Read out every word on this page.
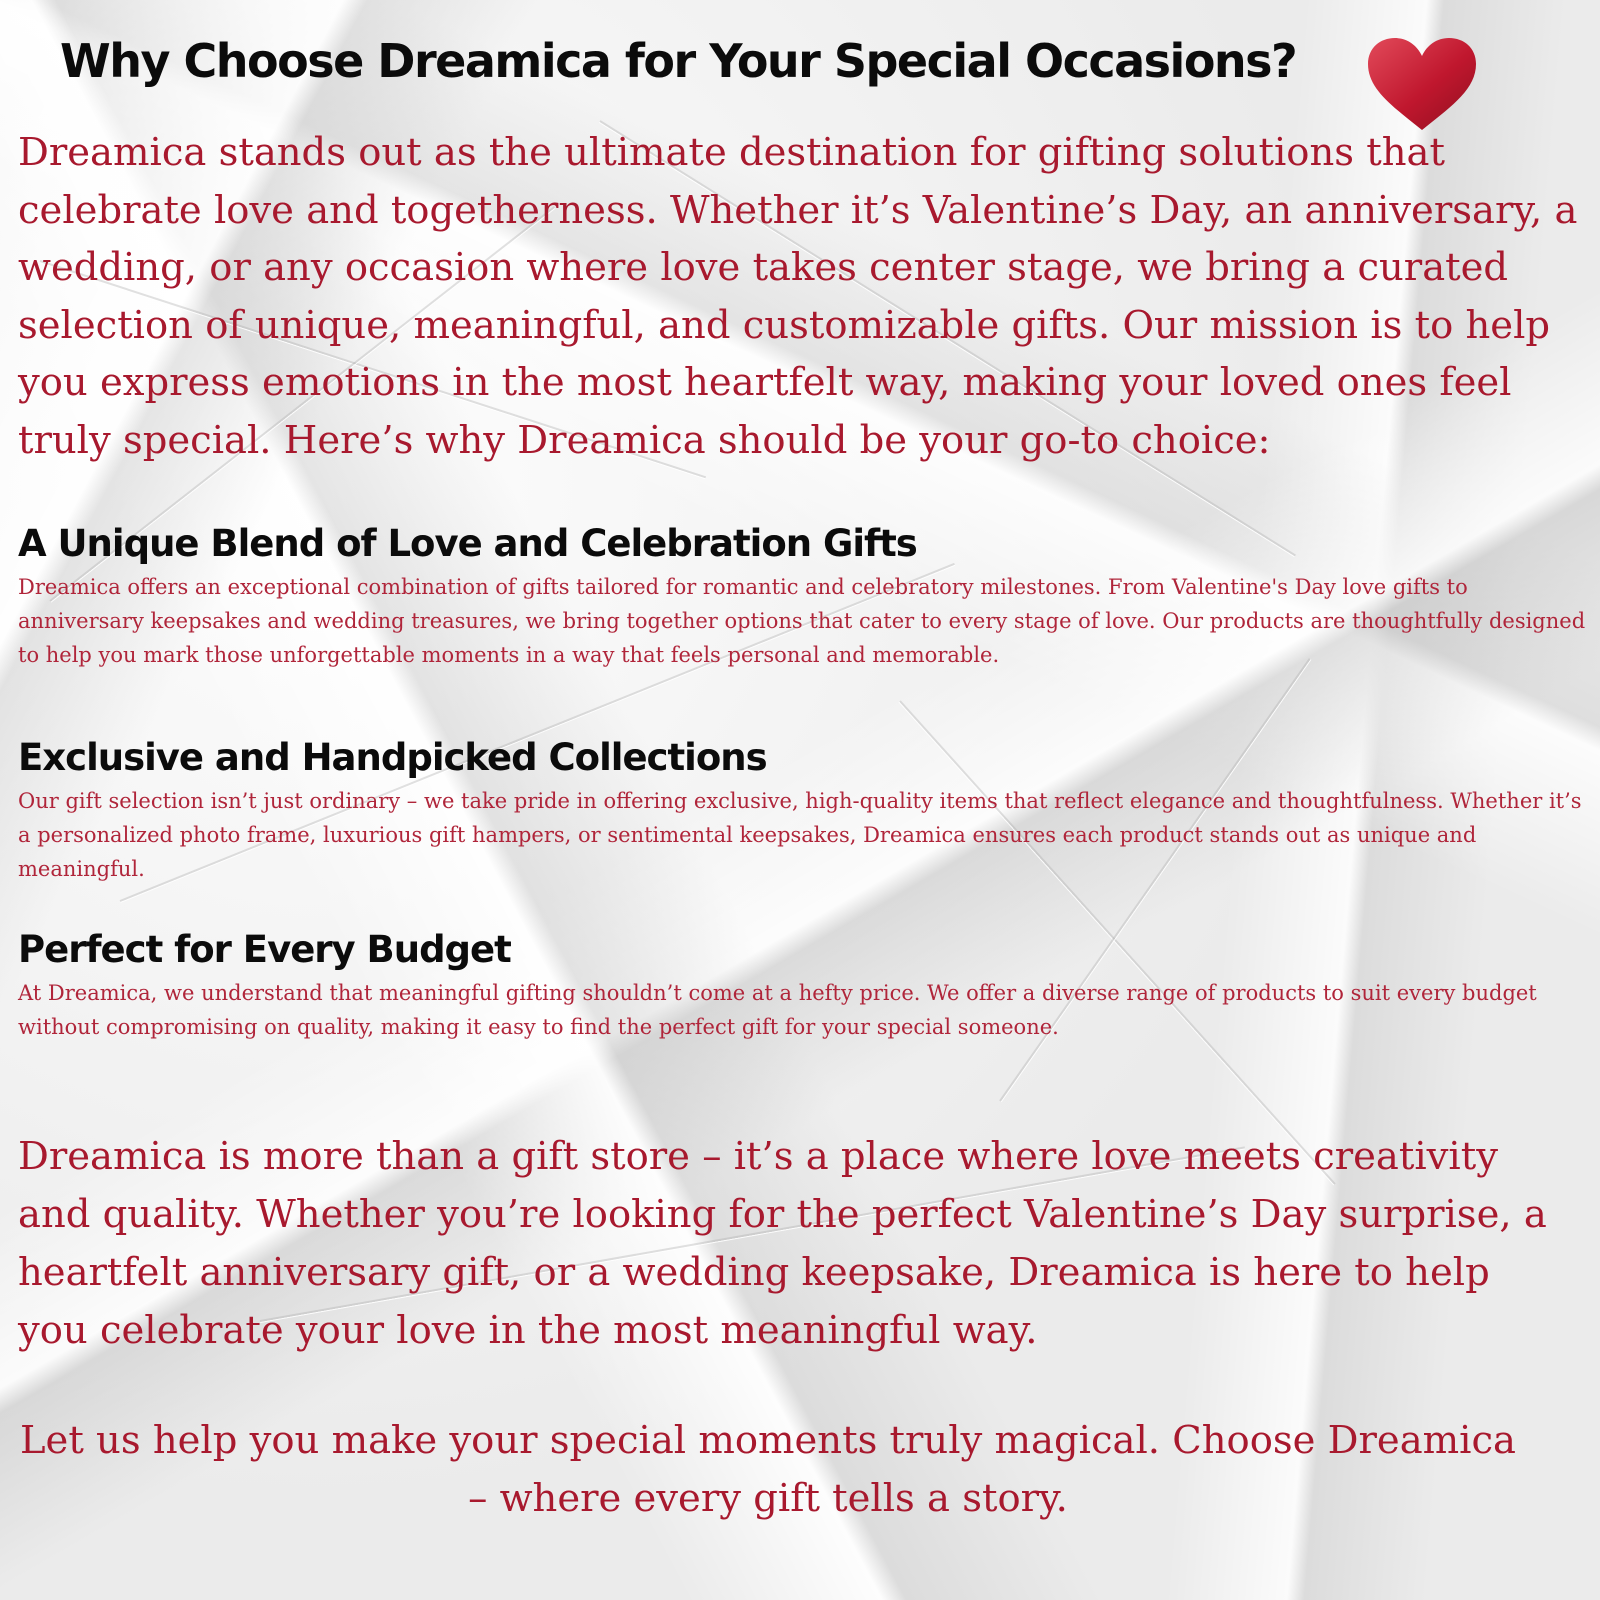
Why Choose Dreamica for Your Special Occasions?

Dreamica stands out as the ultimate destination for gifting solutions that celebrate love and togetherness. Whether it’s Valentine’s Day, an anniversary, a wedding, or any occasion where love takes center stage, we bring a curated selection of unique, meaningful, and customizable gifts. Our mission is to help you express emotions in the most heartfelt way, making your loved ones feel truly special. Here’s why Dreamica should be your go-to choice:

A Unique Blend of Love and Celebration Gifts

Dreamica offers an exceptional combination of gifts tailored for romantic and celebratory milestones. From Valentine's Day love gifts to anniversary keepsakes and wedding treasures, we bring together options that cater to every stage of love. Our products are thoughtfully designed to help you mark those unforgettable moments in a way that feels personal and memorable.

Exclusive and Handpicked Collections

Our gift selection isn’t just ordinary – we take pride in offering exclusive, high-quality items that reflect elegance and thoughtfulness. Whether it’s a personalized photo frame, luxurious gift hampers, or sentimental keepsakes, Dreamica ensures each product stands out as unique and meaningful.

Perfect for Every Budget

At Dreamica, we understand that meaningful gifting shouldn’t come at a hefty price. We offer a diverse range of products to suit every budget without compromising on quality, making it easy to find the perfect gift for your special someone.

Dreamica is more than a gift store – it’s a place where love meets creativity and quality. Whether you’re looking for the perfect Valentine’s Day surprise, a heartfelt anniversary gift, or a wedding keepsake, Dreamica is here to help you celebrate your love in the most meaningful way.

Let us help you make your special moments truly magical. Choose Dreamica – where every gift tells a story.
